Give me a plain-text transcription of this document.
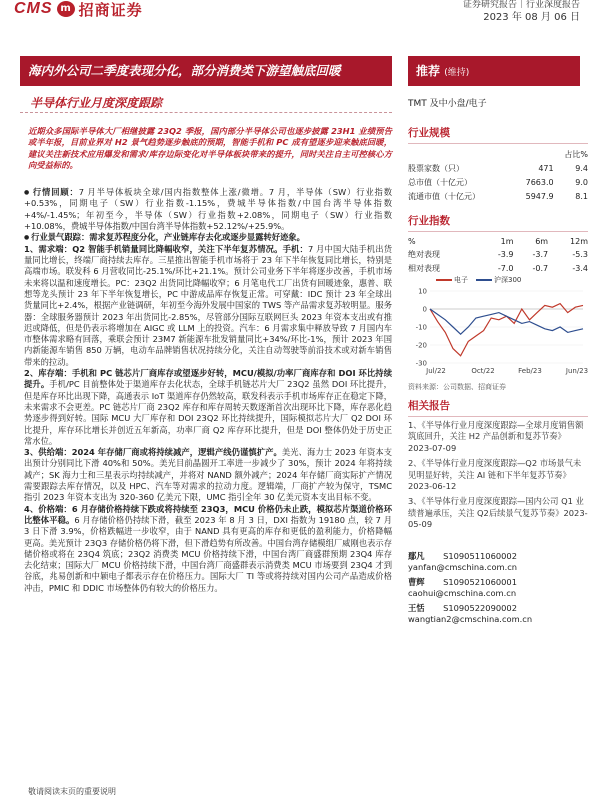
CMS m 招商证券	证券研究报告｜行业深度报告
2023 年 08 月 06 日
海内外公司二季度表现分化，部分消费类下游望触底回暖	推荐 (维持)
半导体行业月度深度跟踪
近期众多国际半导体大厂相继披露 23Q2 季报，国内部分半导体公司也逐步披露 23H1 业绩预告或半年报，目前业界对 H2 景气趋势逐步触底的预期，智能手机和 PC 成有望逐步迎来触底回暖，建议关注新技术应用爆发和需求/库存边际变化对半导体板块带来的提升，同时关注自主可控核心方向受益标的。

● 行情回顾：7 月半导体板块全球/国内指数整体上涨/微增。7 月，半导体（SW）行业指数+0.53%，同期电子（SW）行业指数-1.15%，费城半导体指数/中国台湾半导体指数+4%/-1.45%；年初至今，半导体（SW）行业指数+2.08%，同期电子（SW）行业指数+10.08%，费城半导体指数/中国台湾半导体指数+52.12%/+25.9%。

● 行业景气跟踪：需求复苏程度分化，产业链库存去化或逐步显露转好迹象。

1、需求端：Q2 智能手机销量同比降幅收窄，关注下半年复苏情况。手机：7 月中国大陆手机出货量同比增长，终端厂商持续去库存。三星推出智能手机市场将于 23 年下半年恢复同比增长，特别是高端市场。联发科 6 月营收同比-25.1%/环比+21.1%。预计公司业务下半年将逐步改善，手机市场未来将以温和速度增长。PC：23Q2 出货同比降幅收窄；6 月笔电代工厂出货有回暖迹象，惠普、联想等龙头预计 23 年下半年恢复增长，PC 中游成品库存恢复正常。可穿戴：IDC 预计 23 年全球出货量同比+2.4%，根据产业链调研，年初至今海外发展中国家的 TWS 等产品需求复苏较明显。服务器：全球服务器预计 2023 年出货同比-2.85%，尽管部分国际互联网巨头 2023 年资本支出或有推迟或降低，但是仍表示将增加在 AIGC 或 LLM 上的投资。汽车：6 月需求集中释放导致 7 月国内车市整体需求略有回落，乘联会预计 23M7 新能源车批发销量同比+34%/环比-1%，预计 2023 年国内新能源车销售 850 万辆，电动车品牌销售状况持续分化，关注自动驾驶等前沿技术或对新车销售带来的拉动。

2、库存端：手机和 PC 链芯片厂商库存或望逐步好转，MCU/模拟/功率厂商库存和 DOI 环比持续提升。手机/PC 目前整体处于渠道库存去化状态，全球手机链芯片大厂 23Q2 虽然 DOI 环比提升，但是库存环比出现下降，高通表示 IoT 渠道库存仍然较高，联发科表示手机市场库存正在稳定下降，未来需求不会更差。PC 链芯片厂商 23Q2 库存和库存周转天数逐渐首次出现环比下降，库存恶化趋势逐步得到好转。国际 MCU 大厂库存和 DOI 23Q2 环比持续提升，国际模拟芯片大厂 Q2 DOI 环比提升，库存环比增长并创近五年新高，功率厂商 Q2 库存环比提升，但是 DOI 整体仍处于历史正常水位。

3、供给端：2024 年存储厂商或将持续减产，逻辑产线仍谨慎扩产。美光、海力士 2023 年资本支出预计分别同比下滑 40%和 50%。美光目前晶圆开工率进一步减少了 30%，预计 2024 年将持续减产；SK 海力士和三星表示均持续减产，并将对 NAND 额外减产；2024 年存储厂商实际扩产情况需要跟踪去库存情况，以及 HPC、汽车等对需求的拉动力度。逻辑端，厂商扩产较为保守，TSMC 指引 2023 年资本支出为 320-360 亿美元下限，UMC 指引全年 30 亿美元资本支出目标不变。

4、价格端：6 月存储价格持续下跌或将持续至 23Q3，MCU 价格仍未止跌，模拟芯片渠道价格环比整体平稳。6 月存储价格仍持续下滑，截至 2023 年 8 月 3 日，DXI 指数为 19180 点，较 7 月 3 日下滑 3.9%，价格跌幅进一步收窄，由于 NAND 具有更高的库存和更低的盈利能力，价格降幅更高。美光预计 23Q3 存储价格仍将下滑，但下滑趋势有所改善。中国台湾存储模组厂威刚也表示存储价格或将在 23Q4 筑底；23Q2 消费类 MCU 价格持续下滑，中国台湾厂商盛群预期 23Q4 库存去化结束；国际大厂 MCU 价格持续下滑，中国台湾厂商盛群表示消费类 MCU 市场要到 23Q4 才到谷底，兆易创新和中颖电子都表示存在价格压力。国际大厂 TI 等或将持续对国内公司产品造成价格冲击，PMIC 和 DDIC 市场整体仍有较大的价格压力。

TMT 及中小盘/电子
行业规模
		占比%
股票家数（只）	471	9.4
总市值（十亿元）	7663.0	9.0
流通市值（十亿元）	5947.9	8.1
行业指数
%	1m	6m	12m
绝对表现	-3.9	-3.7	-5.3
相对表现	-7.0	-0.7	-3.4
电子	沪深300
10
0
-10
-20
-30
Jul/22	Oct/22	Feb/23	Jun/23
资料来源：公司数据、招商证券
相关报告
1、《半导体行业月度深度跟踪—全球月度销售额筑底回升，关注 H2 产品创新和复苏节奏》2023-07-09
2、《半导体行业月度深度跟踪—Q2 市场景气未见明显好转，关注 AI 链和下半年复苏节奏》2023-06-12
3、《半导体行业月度深度跟踪—国内公司 Q1 业绩普遍承压，关注 Q2后续景气复苏节奏》2023-05-09
鄢凡 S1090511060002
yanfan@cmschina.com.cn
曹辉 S1090521060001
caohui@cmschina.com.cn
王恬 S1090522090002
wangtian2@cmschina.com.cn
敬请阅读末页的重要说明
